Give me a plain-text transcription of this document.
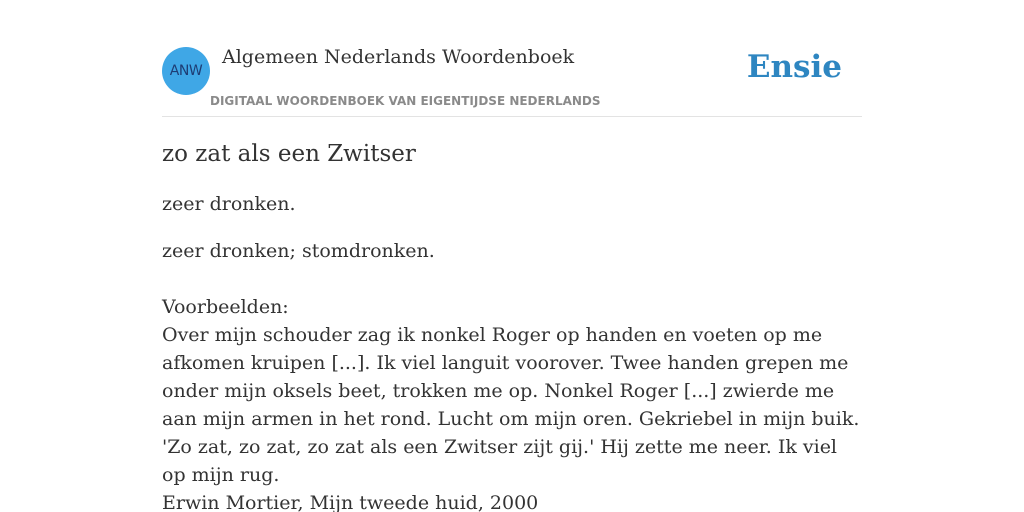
ANW
Algemeen Nederlands Woordenboek
DIGITAAL WOORDENBOEK VAN EIGENTIJDSE NEDERLANDS
Ensie
zo zat als een Zwitser

zeer dronken.

zeer dronken; stomdronken.

Voorbeelden:

Over mijn schouder zag ik nonkel Roger op handen en voeten op me afkomen kruipen [...]. Ik viel languit voorover. Twee handen grepen me onder mijn oksels beet, trokken me op. Nonkel Roger [...] zwierde me aan mijn armen in het rond. Lucht om mijn oren. Gekriebel in mijn buik. 'Zo zat, zo zat, zo zat als een Zwitser zijt gij.' Hij zette me neer. Ik viel op mijn rug.

Erwin Mortier, Mijn tweede huid, 2000
